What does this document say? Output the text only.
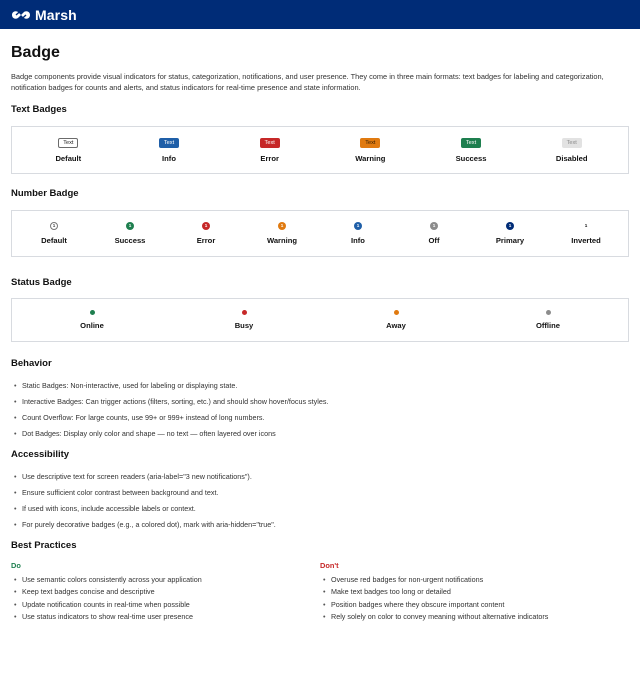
Marsh
Badge

Badge components provide visual indicators for status, categorization, notifications, and user presence. They come in three main formats: text badges for labeling and categorization, notification badges for counts and alerts, and status indicators for real-time presence and state information.

Text Badges
Text
Default
Text
Info
Text
Error
Text
Warning
Text
Success
Text
Disabled
Number Badge
1
Default
1
Success
1
Error
1
Warning
1
Info
1
Off
1
Primary
1
Inverted
Status Badge
Online	Busy	Away	Offline
Behavior
• Static Badges: Non-interactive, used for labeling or displaying state.
• Interactive Badges: Can trigger actions (filters, sorting, etc.) and should show hover/focus styles.
• Count Overflow: For large counts, use 99+ or 999+ instead of long numbers.
• Dot Badges: Display only color and shape — no text — often layered over icons
Accessibility
• Use descriptive text for screen readers (aria-label="3 new notifications").
• Ensure sufficient color contrast between background and text.
• If used with icons, include accessible labels or context.
• For purely decorative badges (e.g., a colored dot), mark with aria-hidden="true".
Best Practices
Do
• Use semantic colors consistently across your application
• Keep text badges concise and descriptive
• Update notification counts in real-time when possible
• Use status indicators to show real-time user presence
Don't
• Overuse red badges for non-urgent notifications
• Make text badges too long or detailed
• Position badges where they obscure important content
• Rely solely on color to convey meaning without alternative indicators
